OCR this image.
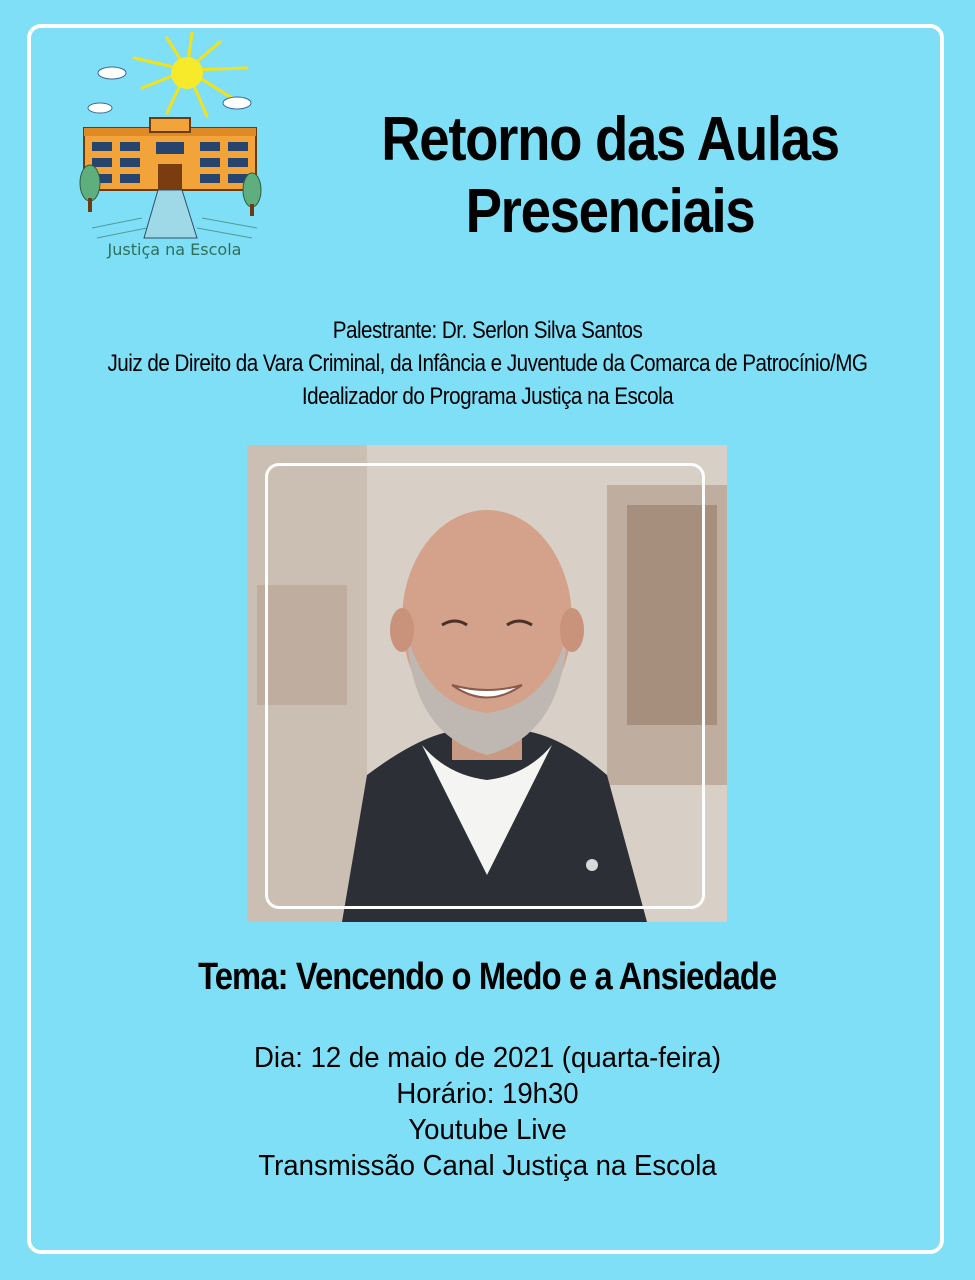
Justiça na Escola
Retorno das Aulas
Presenciais
Palestrante: Dr. Serlon Silva Santos
Juiz de Direito da Vara Criminal, da Infância e Juventude da Comarca de Patrocínio/MG
Idealizador do Programa Justiça na Escola
Tema: Vencendo o Medo e a Ansiedade
Dia: 12 de maio de 2021 (quarta-feira)
Horário: 19h30
Youtube Live
Transmissão Canal Justiça na Escola
